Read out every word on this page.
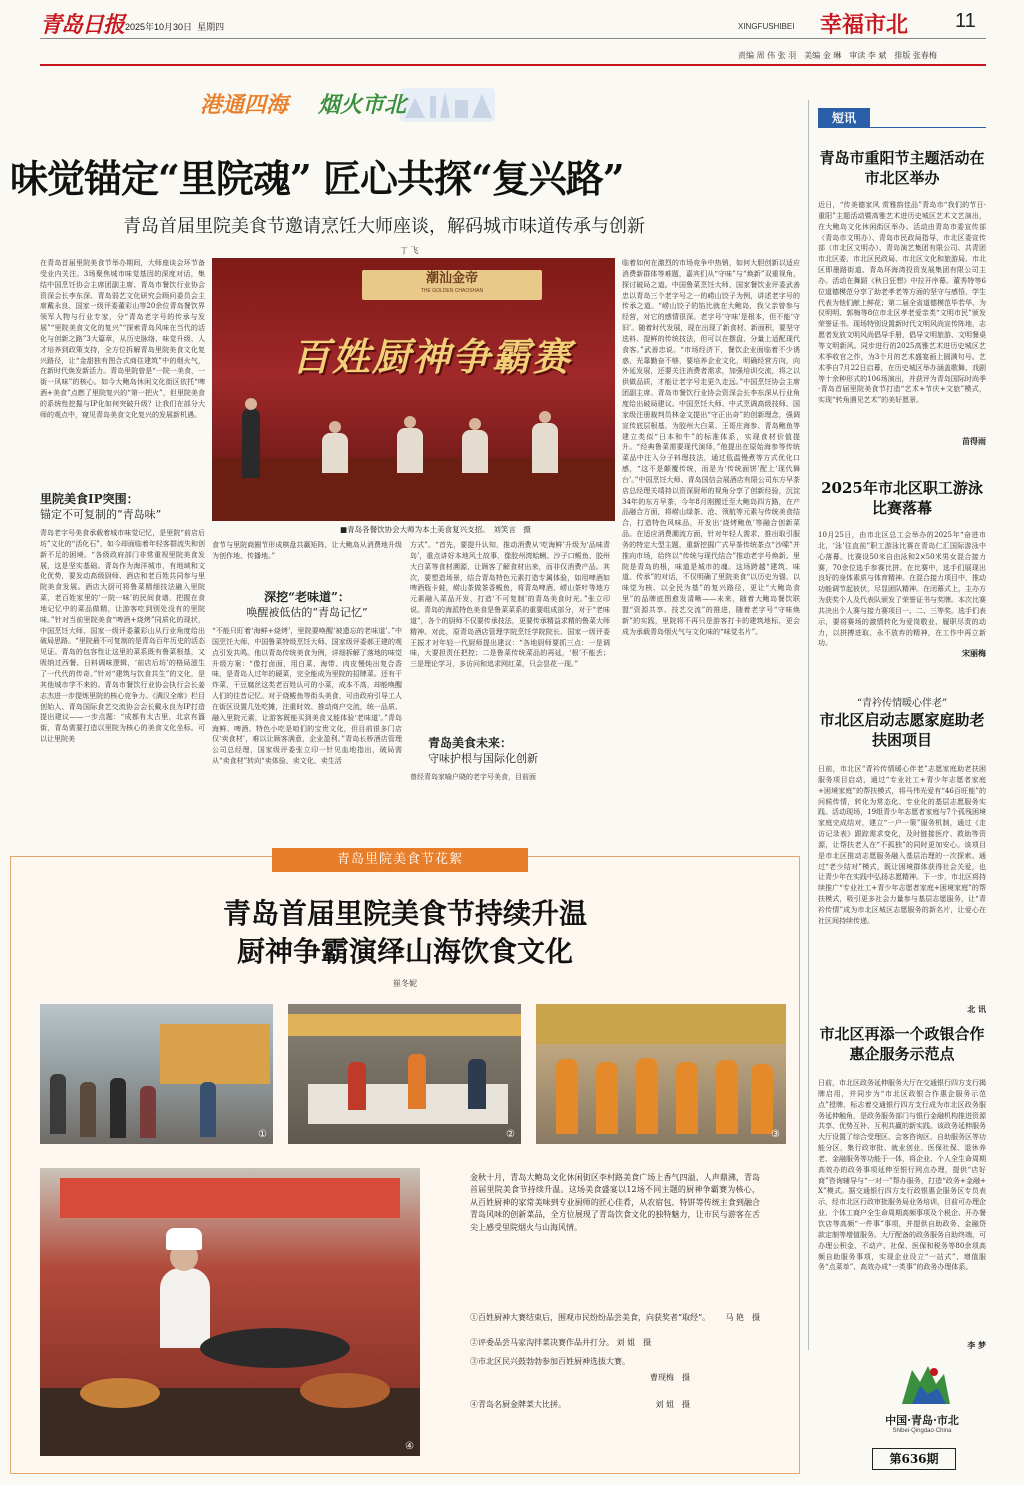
青岛日报 2025年10月30日 星期四	XINGFUSHIBEI 幸福市北 11
责编 周 伟 张 羽　美编 金 琳　审读 李 斌　排版 张春梅
港通四海 烟火市北
味觉锚定“里院魂” 匠心共探“复兴路”
青岛首届里院美食节邀请烹饪大师座谈，解码城市味道传承与创新
丁 飞
在青岛首届里院美食节举办期间，大师座谈会环节备受业内关注。3场聚焦城市味觉基因的深度对话，集结中国烹饪协会主席团副主席、青岛市餐饮行业协会资深会长李东深、青岛弱艺文化研究会顾问委员会主席戴永良、国家一级评委董彩山等20余位青岛餐饮界领军人物与行业专家，分“青岛老字号的传承与发展”“里院美食文化的复兴”“探索青岛风味在当代的活化与创新之路”3大篇章，从历史脉络、味觉升级、人才培养到政策支持，全方位拆解青岛里院美食文化复兴路径，让“金甜独有图合式商住建筑”中的烟火气，在新时代焕发新活力。青岛里院曾是“一院一美食，一街一风味”的核心。如今大鲍岛休闲文化街区依托“啤酒+美食”点燃了里院复兴的“第一把火”，但里院美食的系统性挖掘与IP化如何突破升级？让我们在部分大师的观点中，窥见青岛美食文化复兴的发展新机遇。
里院美食IP突围：
锚定不可复制的“青岛味”
青岛老字号美食承载着城市味觉记忆，是里院“前店后坊”文化的“活化石”，如今却面临着年轻客群流失和创新不足的困境。“各级政府部门非常重视里院美食发展，这是坚实基础。青岛作为海洋城市，有地域和文化优势，要发动高级厨师、酒店和老百姓共同参与里院美食发展。酒店大厨可将鲁菜精细技法融入里院菜，老百姓家里的‘一院一味’的民间食谱，把握在食地记忆中的菜品做精，让游客吃到别处没有的里院味。”针对当前里院美食“啤酒+烧烤”同质化的现状，中国烹饪大师、国家一级评委董彩山从行业角度给出破局思路。“里院最不可复制的是青岛百年历史的活态见证。青岛的包容性让这里的菜系既有鲁菜根基，又吸纳过西餐、日料调味逻辑，‘前店后坊’的格局滋生了一代代的传奇。”针对“建筑与饮食共生”的文化，是其他城市学不来的。青岛市餐饮行业协会执行会长姜志杰进一步提炼里院的核心竞争力。《满汉全席》栏目创始人、青岛国际食艺交流协会会长戴永良为IP打造提出建议——一步点题：“成都有太古里，北京有簋街，青岛需要打造以里院为核心的美食文化坐标。可以让里院美
潮汕金帝
THE GOLDEN CHAOSHAN
百姓厨神争霸赛
■青岛各餐饮协会大师为本土美食复兴支招。　刘笑言　摄
食节与里院商圈节形成棋盘共赢矩阵，让大鲍岛从消费地升级为创作地、传播地。”
深挖“老味道”：
唤醒被低估的“青岛记忆”
“不能只盯着‘海鲜+烧烤’，里院要唤醒‘被遗忘的老味道’。”中国烹饪大师、中国鲁菜特级烹饪大师、国家级评委郝王建的观点引发共鸣。他以青岛传统美食为例，详细拆解了落地的味觉升级方案：“像打卤面，用白菜、海带、肉皮慢炖出复合香味，是青岛人过年的硬菜，完全能成为里院的招牌菜。还有干炸菜、干豆腐丝这类老百姓认可的小菜，成本不高，却能唤醒人们的往昔记忆。对于烧鲅鱼等街头美食，可由政府引导工人在街区设置几处吃摊，注重时效、推动商户交流，统一品质、融入里院元素，让游客既能买到美食又能体验‘老味道’。”青岛海鲜、啤酒、特色小吃是咱们的宝贵文化，但目前很多门店仅‘卖食材’，难以让顾客满意，企业盈利。”青岛长桥酒店管理公司总经理，国家级评委张立印一针见血地指出，破局需从“卖食材”转向“卖体验、卖文化、卖生活
方式”。“首先，要提升认知，推动消费从‘吃海鲜’升级为‘品味青岛’，重点讲好本地风土故事，像胶州湾蛤蜊、沙子口鲅鱼、胶州大白菜等食材溯源，让顾客了解食材出来，而非仅消费产品。其次，要塑造场景，结合青岛特色元素打造专属体验，如用啤酒如啤酒瓶卡蛙，崂山茶做茶香鲅鱼，将青岛啤酒、崂山茶叶等地方元素融入菜品开发，打造‘不可复制’的青岛美食时光。”张立印说。青岛的海派特色美食是鲁菜菜系的重要组成部分，对于“老味道”，各个的厨师不仅要传承技法，更要传承精益求精的鲁菜大师精神。对此，原青岛酒店管理学院烹饪学院院长、国家一级评委王振才对年轻一代厨师提出建议：“各地厨师要抓三点：一是调味，大要担责任把控；二是鲁菜传统菜品的再延，‘根’不能丢；三是理论学习，多访问和追求网红菜，只会昙花一现。”
青岛美食未来：
守味护根与国际化创新
曾经青岛家喻户晓的老字号美食，目前面
临着如何在激烈的市场竞争中热销，如何大胆创新以适应消费新群体等难题，嘉宾们从“守味”与“焕新”双重视角，探讨破局之道。中国鲁菜烹饪大师、国家餐饮业评委武善忠以青岛三个老字号之一的崂山饺子为例，讲述老字号的传承之道。“崂山饺子的馅比就在大鲍岛，我父亲曾参与经营，对它的感情很深。老字号‘守味’是根本，但不能‘守旧’。随着时代发展，现在出现了新食材、新面积，要坚守选料、提鲜的传统技法，但可以在摆盘、分量上适配现代食客。”武善忠说。“市场经济下，餐饮企业面临着不少诱惑，光靠勤奋不够，要培养企业文化，明确经营方向，向外延发展，还要关注消费者需求，加强培训交流，将之以供做品质，才能让老字号走更久走远。”中国烹饪协会主席团副主席、青岛市餐饮行业协会资深会长李东深从行业角度给出破局建议。中国烹饪大师、中式烹调高级技师、国家级注册裁判员林金文提出“守正出奇”的创新理念，强调宣传底层根基，为胶州大白菜、王哥庄海参、青岛鲍鱼等建立类似“日本和牛”的标准体系，实现食材价值提升。“经典鲁菜需要现代演绎，”他提出在原始海参等传统菜品中注入分子料理技法，通过低温慢煮等方式优化口感，“这不是颠覆传统，而是为‘传统面饼’配上‘现代舞台’。”中国烹饪大师、青岛国信会展酒店有限公司东方早茶店总经理关靖持以资深厨师的视角分享了创新经验，沉淀34年的东方早茶，今年8月刚搬迁至大鲍岛四方路，在产品融合方面，将崂山绿茶、沧、领航等元素与传统美食结合，打造特色风味品，开发出‘烧烤鲍鱼’等融合创新菜品。在适应消费潮流方面，针对年轻人需求，推出取引服务的特定大型主题，重新挖掘广式早茶传统茶点“沙嗦”并推向市场，给终以“传统与现代结合”推动老字号焕新。里院是青岛的根，味道是城市的魂。这场跨越“建筑、味道、传承”的对话，不仅明确了里院美食“以历史为锚、以味觉为核、以全民为基”的复兴路径，更让“大鲍岛食里”的品牌底图愈发清晰——未来，随着大鲍岛餐饮联盟“资源共享、技艺交流”的推进，随着老字号“守味焕新”的实践，里院将不再只是游客打卡的建筑地标，更会成为承载青岛烟火气与文化味的“味觉名片”。
短讯
青岛市重阳节主题活动在市北区举办
近日，“传美德家风 赏雅韵佳品”青岛市“我们的节日·重阳”主题活动暨高雅艺术进历史城区艺术文艺演出，在大鲍岛文化休闲街区举办。活动由青岛市委宣传部（青岛市文明办）、青岛市民政局指导，市北区委宣传部（市北区文明办）、青岛演艺集团有限公司、共青团市北区委、市北区民政局、市北区文化和旅游局、市北区即墨路街道、青岛环海湾投资发展集团有限公司主办。活动在舞蹈《秋日狂想》中拉开序幕。董秀特等6位道德模范分享了助老孝老等方面的坚守与感悟，学生代表为他们献上鲜花；第二届全省道德模范毕若华、为仪明明、郭梅等8位市北区孝老爱亲类“文明市民”颁发荣誉证书。现场特别设置新时代文明风尚宣传阵地，志愿者发放文明风尚倡导手册，倡导文明旅游、文明餐桌等文明新风。同步进行的2025高雅艺术进历史城区艺术季收官之作，为3个月的艺术盛宴画上圆满句号。艺术季自7月22日启幕，在历史城区举办涵盖歌舞、戏剧等十余种形式的106场演出，并获评为青岛国际时尚季·青岛首届里院美食节打造“艺术+节庆+文旅”模式，实现“转角遇见艺术”的美好愿景。
苗得雨
2025年市北区职工游泳比赛落幕
10月25日，由市北区总工会举办的2025年“奋进市北，‘泳’往直前”职工游泳比赛在青岛仁汇国际游泳中心落幕。比赛设50米自由泳和2×50米男女混合接力赛，70余位选手参赛比拼。在比赛中，选手们展现出良好的身体素质与体育精神。在混合接力项目中，推动功能调节起彼伏，尽显团队精神。在闭幕式上，主办方为获奖个人及代表队颁发了荣誉证书与奖牌。本次比赛共决出个人赛与接力赛项目一、二、三等奖。选手们表示，要将赛场的激情转化为爱岗敬业、履职尽责的动力，以拼搏进取、永不放弃的精神，在工作中再立新功。
宋丽梅
“青衿传情暖心伴老”
市北区启动志愿家庭助老扶困项目
日前，市北区“青衿传情暖心伴老”志愿家庭助老扶困服务项目启动，通过“专业社工+青少年志愿者家庭+困境家庭”的帮扶模式，将马伟光爱有“46百旺能”的问候传情，转化为常态化、专业化的基层志愿服务实践。活动现场，19组青少年志愿者家庭与7个孤残困境家庭完成结对，建立“一户一策”服务机制，通过《走访记录表》跟踪需求变化，及时链接医疗、救助等资源，让帮扶老人在“不孤独”的同时更加安心。该项目是市北区推动志愿服务融入基层治理的一次探索。通过“老少结对”模式，既让困境群体获得社会关爱，也让青少年在实践中弘扬志愿精神。下一步，市北区将持续推广“专业社工+青少年志愿者家庭+困境家庭”的帮扶模式，吸引更多社会力量参与基层志愿服务，让“青衿传情”成为市北区城区志愿服务的新名片，让爱心在社区间持续传递。
北 讯
市北区再添一个政银合作惠企服务示范点
日前，市北区政务延伸服务大厅在交通银行四方支行揭牌启用，并同步为“市北区政银合作惠企服务示范点”授牌，标志着交通银行四方支行成为市北区政务服务延伸触角，是政务服务部门与银行金融机构推进资源共享、优势互补、互利共赢的新实践。该政务延伸服务大厅设置了综合受理区、会客咨询区、自助服务区等功能分区，集行政审批、就业创业、医保社保、退休养老、金融服务等功能于一体，将企业、个人全生命周期高效办的政务事项延伸至银行网点办理，提供“店好商”咨询辅导与“一对一”帮办服务，打造“政务+金融+X”模式。据交通银行四方支行政银惠企服务区专员表示，经市北区行政审批服务局业务培训，目前可办理企业、个体工商户全生命周期高频事项及个税企、开办餐饮店等高频“一件事”事项，并提供自助政务、金融贷款定制等增值服务。大厅配备的政务服务自助终端，可办理公积金、不动产、社保、医保和税务等80余项高频自助服务事项，实现企业设立“一站式”、增值服务“点菜单”、高效办成“一类事”的政务办理体系。
李 梦
青岛里院美食节花絮
青岛首届里院美食节持续升温
厨神争霸演绎山海饮食文化
崔冬妮
①	②	③
④
金秋十月，青岛大鲍岛文化休闲街区李村路美食广场上香气四溢、人声鼎沸，青岛首届里院美食节持续升温。这场美食盛宴以12场不同主题的厨神争霸赛为核心，从百姓厨神的家常美味到专业厨师的匠心佳肴，从农宿包、特饼等传统主食到融合青岛风味的创新菜品，全方位展现了青岛饮食文化的独特魅力，让市民与游客在舌尖上感受里院烟火与山海风情。
①百姓厨神大赛结束后，围观市民纷纷品尝美食，向获奖者“取经”。 马 艳　摄
②评委品尝马家沟拌菜决赛作品并打分。 刘 姐　摄
③市北区民兴鼓勃勃参加百姓厨神选拔大赛。
曹现梅　摄
④青岛名厨金牌菜大比拼。	刘 姐　摄
中国·青岛·市北
Shibei·Qingdao·China
第636期
